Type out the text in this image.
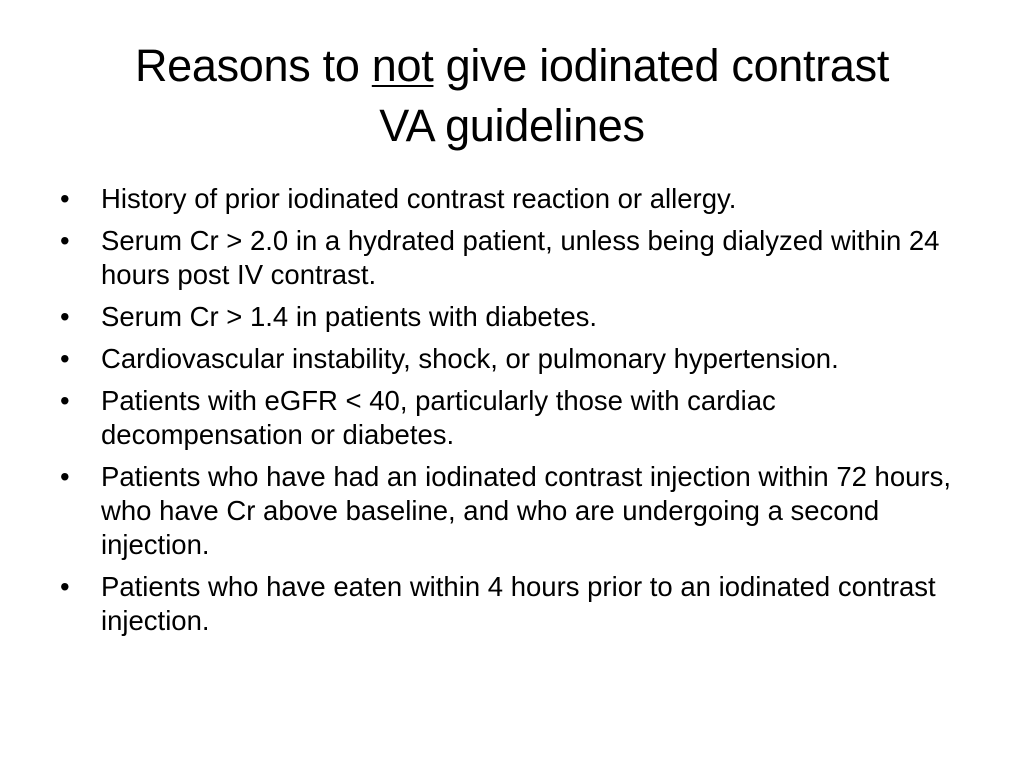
Reasons to not give iodinated contrast
VA guidelines
•	History of prior iodinated contrast reaction or allergy.
•	Serum Cr > 2.0 in a hydrated patient, unless being dialyzed within 24 hours post IV contrast.
•	Serum Cr > 1.4 in patients with diabetes.
•	Cardiovascular instability, shock, or pulmonary hypertension.
•	Patients with eGFR < 40, particularly those with cardiac decompensation or diabetes.
•	Patients who have had an iodinated contrast injection within 72 hours, who have Cr above baseline, and who are undergoing a second injection.
•	Patients who have eaten within 4 hours prior to an iodinated contrast injection.
